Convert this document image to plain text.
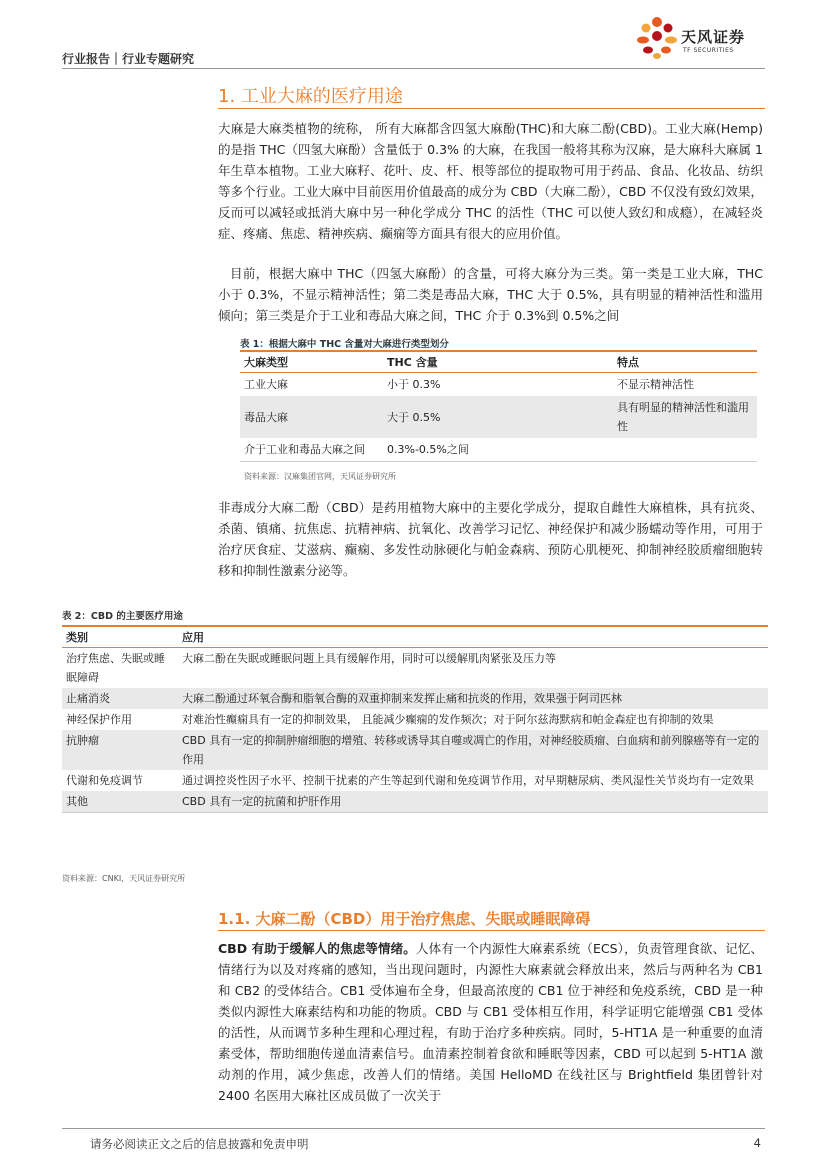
行业报告｜行业专题研究
天风证券
TF SECURITIES
1. 工业大麻的医疗用途

大麻是大麻类植物的统称， 所有大麻都含四氢大麻酚(THC)和大麻二酚(CBD)。工业大麻(Hemp)的是指 THC（四氢大麻酚）含量低于 0.3% 的大麻，在我国一般将其称为汉麻，是大麻科大麻属 1 年生草本植物。工业大麻籽、花叶、皮、杆、根等部位的提取物可用于药品、食品、化妆品、纺织等多个行业。工业大麻中目前医用价值最高的成分为 CBD（大麻二酚），CBD 不仅没有致幻效果，反而可以减轻或抵消大麻中另一种化学成分 THC 的活性（THC 可以使人致幻和成瘾），在减轻炎症、疼痛、焦虑、精神疾病、癫痫等方面具有很大的应用价值。

目前，根据大麻中 THC（四氢大麻酚）的含量，可将大麻分为三类。第一类是工业大麻，THC 小于 0.3%，不显示精神活性；第二类是毒品大麻，THC 大于 0.5%，具有明显的精神活性和滥用倾向；第三类是介于工业和毒品大麻之间，THC 介于 0.3%到 0.5%之间

表 1：根据大麻中 THC 含量对大麻进行类型划分
大麻类型	THC 含量	特点
工业大麻	小于 0.3%	不显示精神活性
毒品大麻	大于 0.5%	具有明显的精神活性和滥用性
介于工业和毒品大麻之间	0.3%-0.5%之间	
资料来源：汉麻集团官网，天风证券研究所

非毒成分大麻二酚（CBD）是药用植物大麻中的主要化学成分，提取自雌性大麻植株，具有抗炎、杀菌、镇痛、抗焦虑、抗精神病、抗氧化、改善学习记忆、神经保护和减少肠蠕动等作用，可用于治疗厌食症、艾滋病、癫痫、多发性动脉硬化与帕金森病、预防心肌梗死、抑制神经胶质瘤细胞转移和抑制性激素分泌等。

表 2：CBD 的主要医疗用途
类别	应用
治疗焦虑、失眠或睡眠障碍	大麻二酚在失眠或睡眠问题上具有缓解作用，同时可以缓解肌肉紧张及压力等
止痛消炎	大麻二酚通过环氧合酶和脂氧合酶的双重抑制来发挥止痛和抗炎的作用，效果强于阿司匹林
神经保护作用	对难治性癫痫具有一定的抑制效果， 且能减少癫痫的发作频次；对于阿尔兹海默病和帕金森症也有抑制的效果
抗肿瘤	CBD 具有一定的抑制肿瘤细胞的增殖、转移或诱导其自噬或凋亡的作用，对神经胶质瘤、白血病和前列腺癌等有一定的作用
代谢和免疫调节	通过调控炎性因子水平、控制干扰素的产生等起到代谢和免疫调节作用，对早期糖尿病、类风湿性关节炎均有一定效果
其他	CBD 具有一定的抗菌和护肝作用
资料来源：CNKI，天风证券研究所
1.1. 大麻二酚（CBD）用于治疗焦虑、失眠或睡眠障碍

CBD 有助于缓解人的焦虑等情绪。人体有一个内源性大麻素系统（ECS），负责管理食欲、记忆、情绪行为以及对疼痛的感知，当出现问题时，内源性大麻素就会释放出来，然后与两种名为 CB1 和 CB2 的受体结合。CB1 受体遍布全身，但最高浓度的 CB1 位于神经和免疫系统，CBD 是一种类似内源性大麻素结构和功能的物质。CBD 与 CB1 受体相互作用，科学证明它能增强 CB1 受体的活性，从而调节多种生理和心理过程，有助于治疗多种疾病。同时，5-HT1A 是一种重要的血清素受体，帮助细胞传递血清素信号。血清素控制着食欲和睡眠等因素，CBD 可以起到 5-HT1A 激动剂的作用，减少焦虑，改善人们的情绪。美国 HelloMD 在线社区与 Brightfield 集团曾针对 2400 名医用大麻社区成员做了一次关于

请务必阅读正文之后的信息披露和免责申明	4
